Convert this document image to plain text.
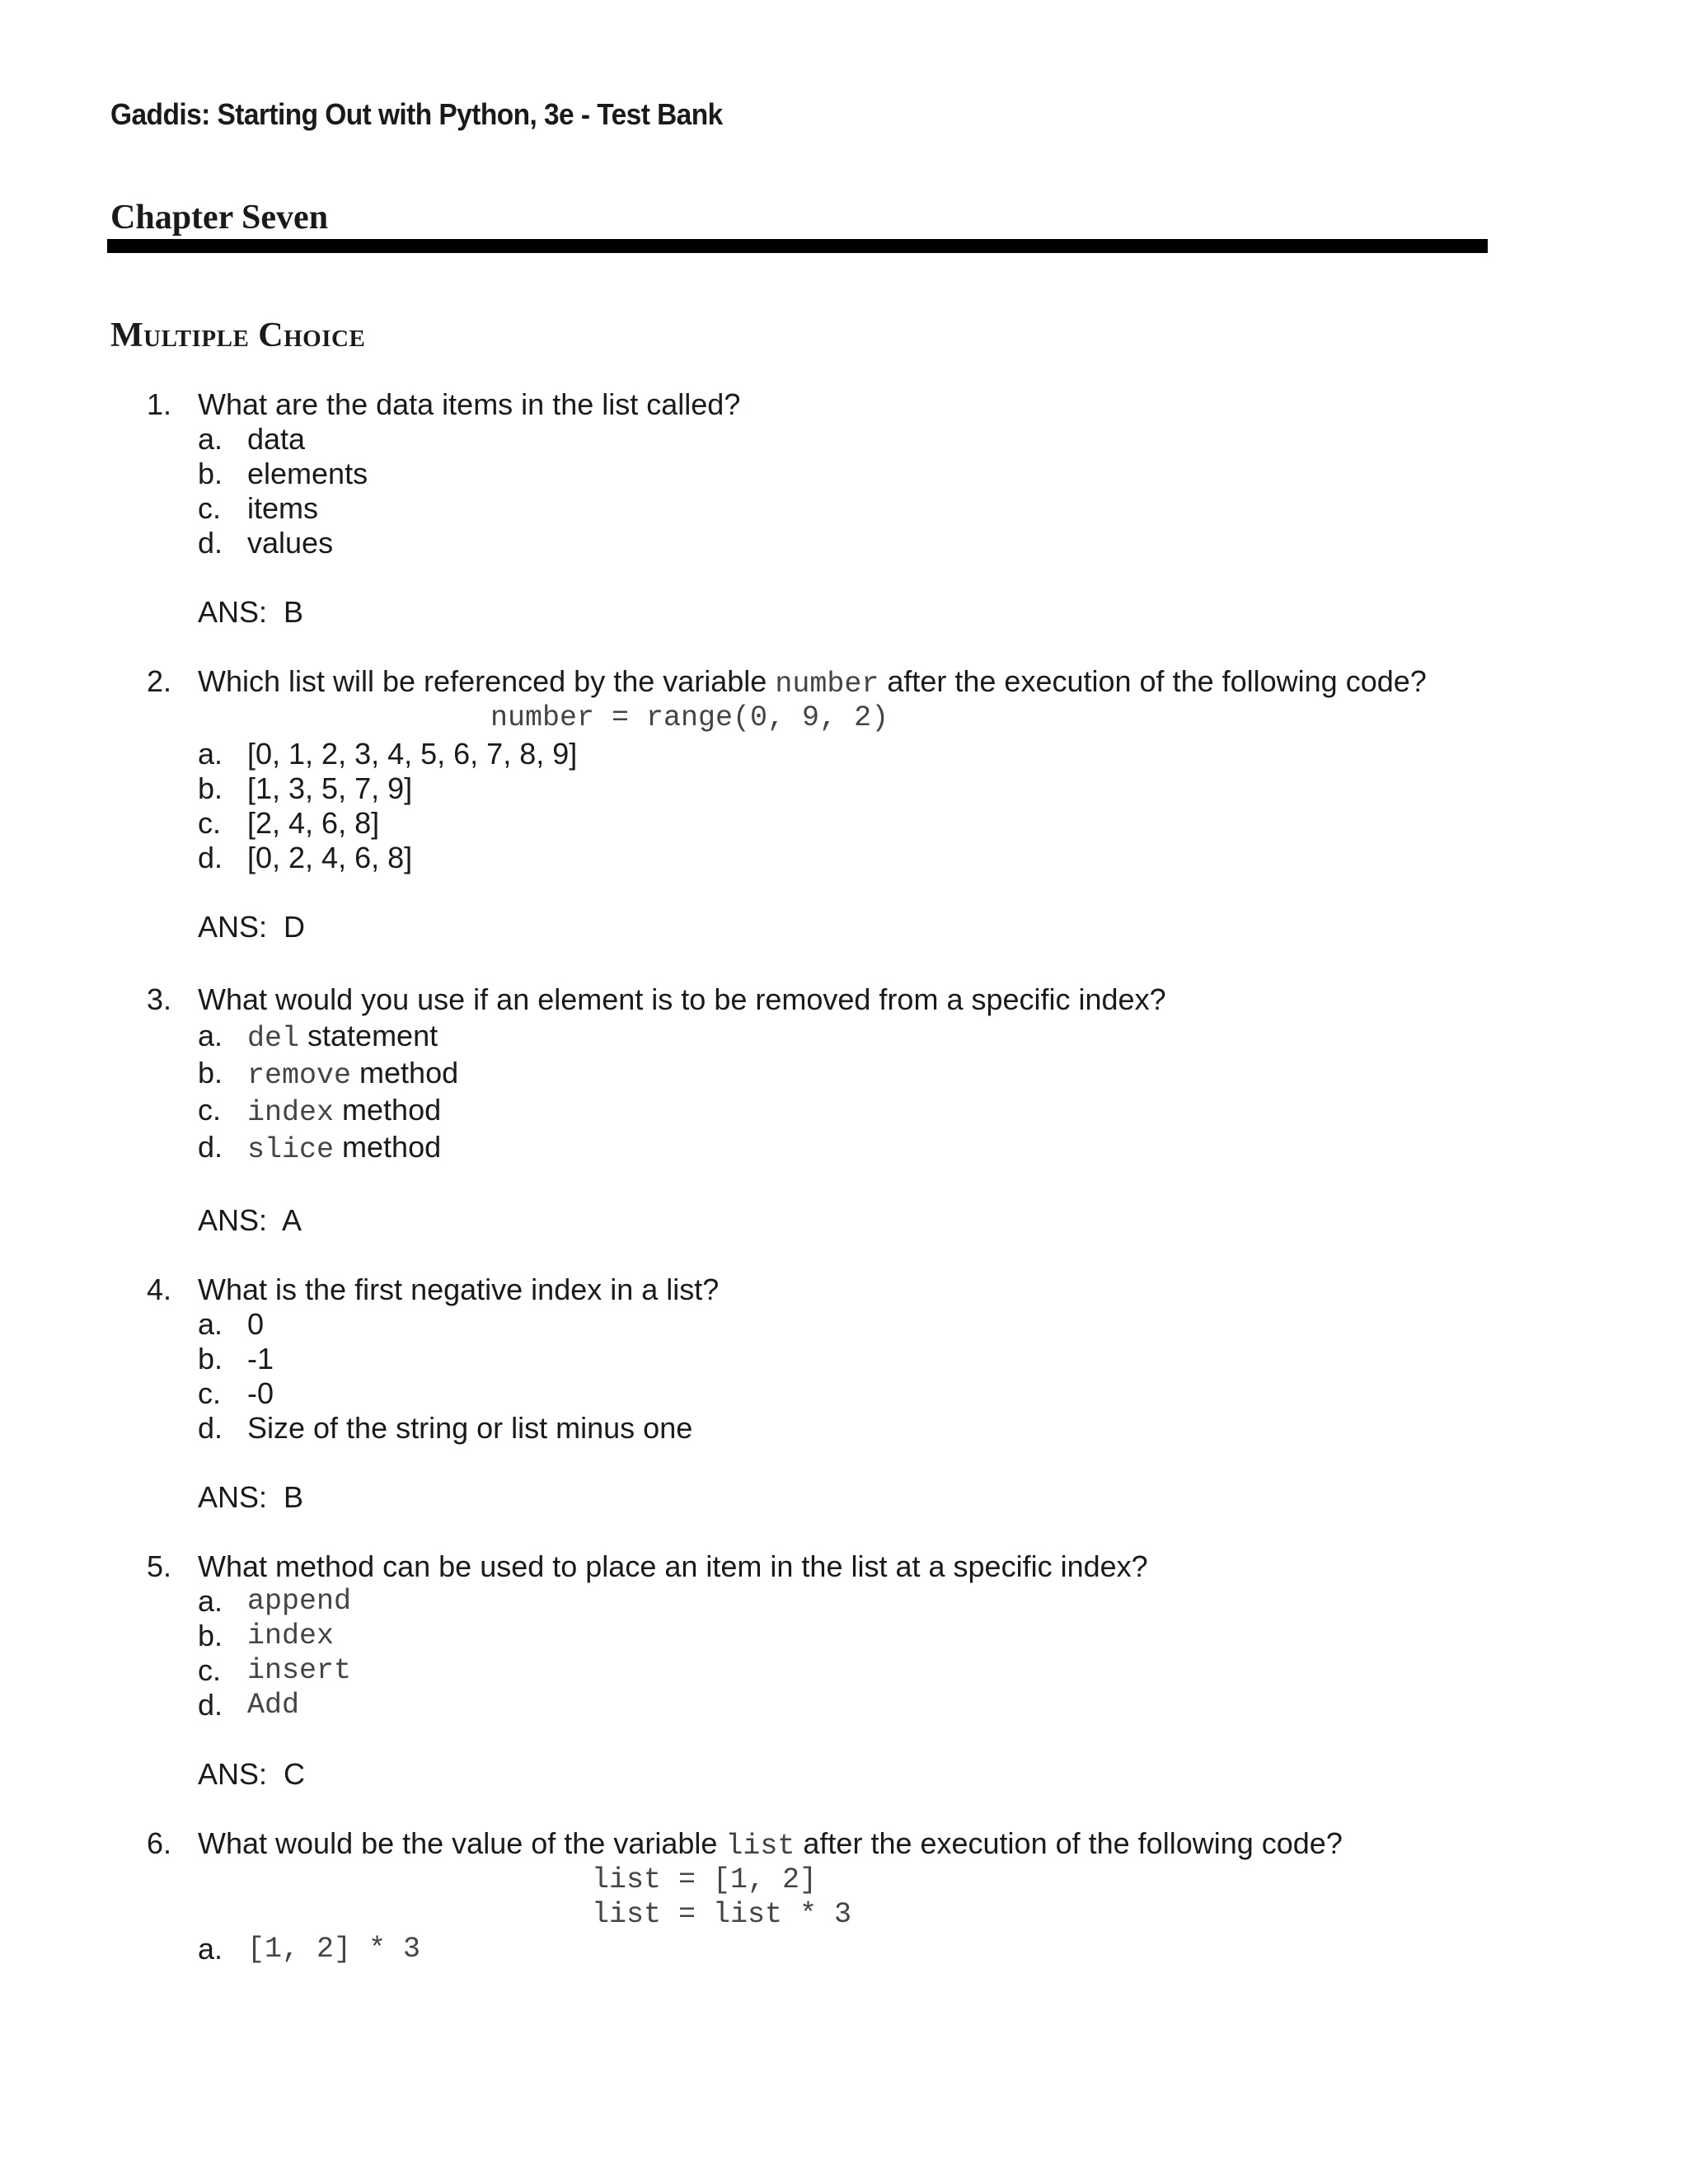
Gaddis: Starting Out with Python, 3e - Test Bank
Chapter Seven
Multiple Choice
1. What are the data items in the list called?
a. data
b. elements
c. items
d. values
ANS:  B
2. Which list will be referenced by the variable number after the execution of the following code?
number = range(0, 9, 2)
a. [0, 1, 2, 3, 4, 5, 6, 7, 8, 9]
b. [1, 3, 5, 7, 9]
c. [2, 4, 6, 8]
d. [0, 2, 4, 6, 8]
ANS:  D
3. What would you use if an element is to be removed from a specific index?
a. del statement
b. remove method
c. index method
d. slice method
ANS:  A
4. What is the first negative index in a list?
a. 0
b. -1
c. -0
d. Size of the string or list minus one
ANS:  B
5. What method can be used to place an item in the list at a specific index?
a. append
b. index
c. insert
d. Add
ANS:  C
6. What would be the value of the variable list after the execution of the following code?
list = [1, 2]
list = list * 3
a. [1, 2] * 3
